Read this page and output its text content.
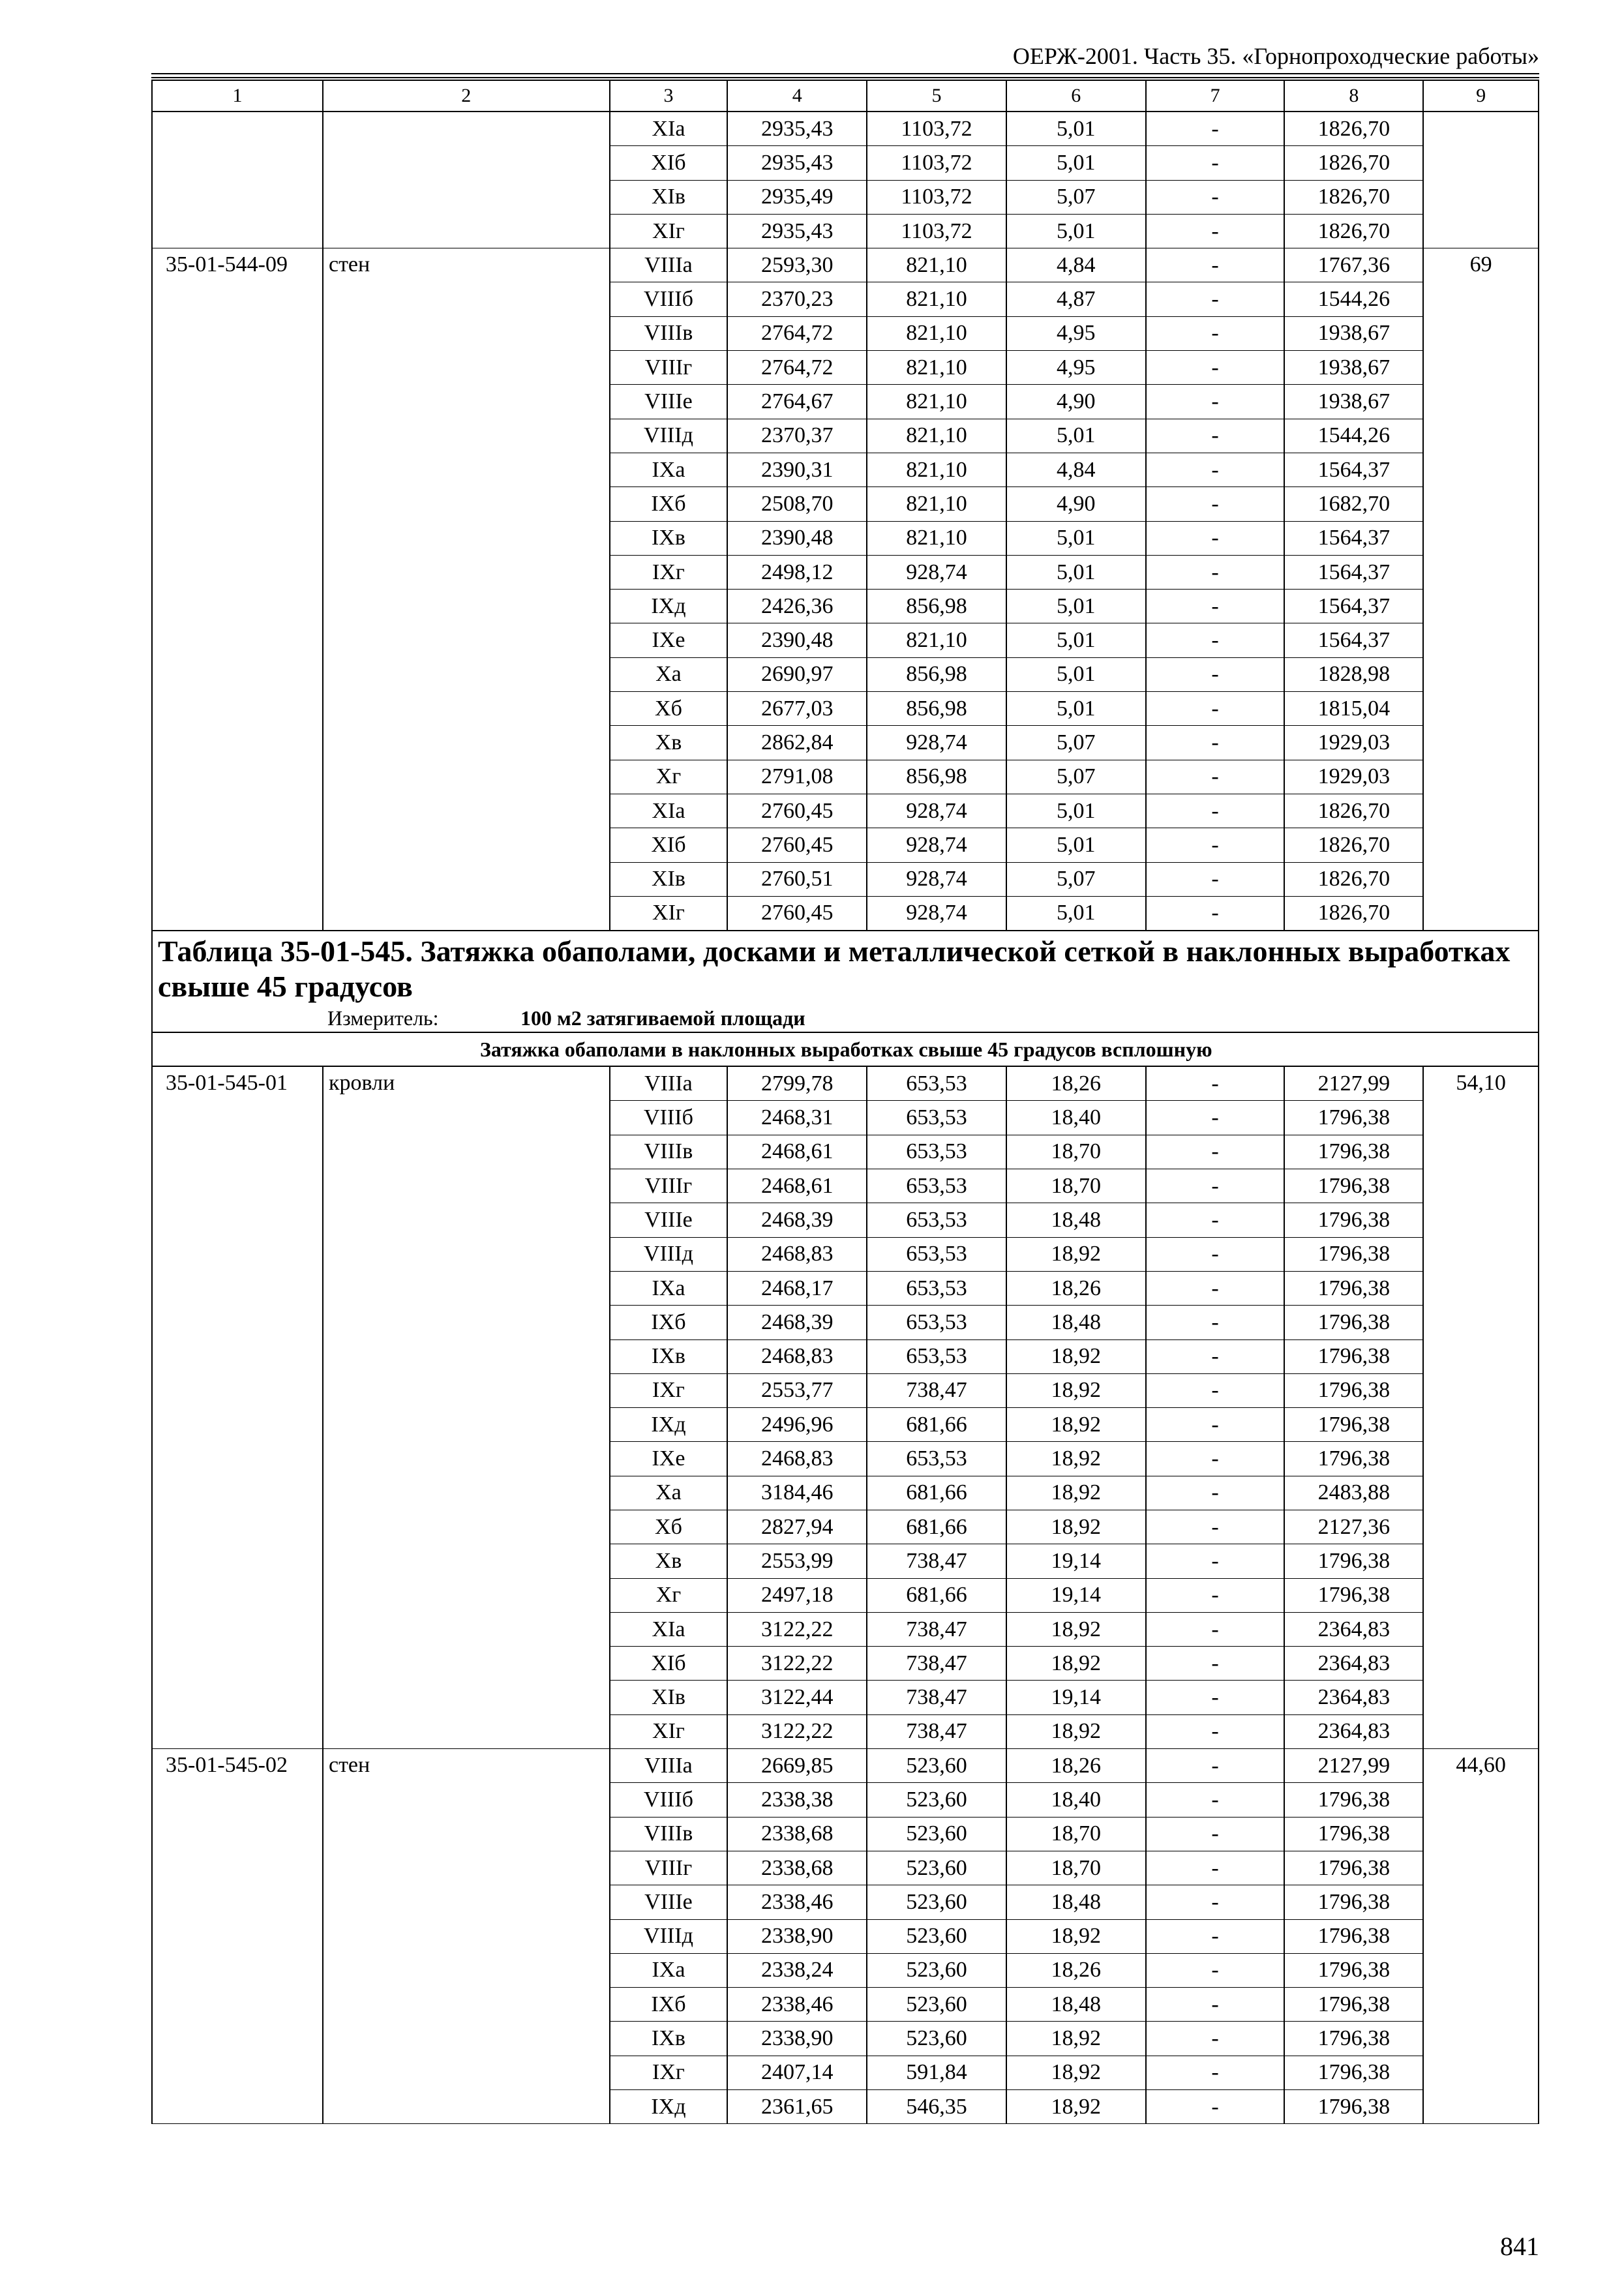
ОЕРЖ-2001. Часть 35. «Горнопроходческие работы»
1	2	3	4	5	6	7	8	9
		XIа	2935,43	1103,72	5,01	-	1826,70	
		XIб	2935,43	1103,72	5,01	-	1826,70	
		XIв	2935,49	1103,72	5,07	-	1826,70	
		XIг	2935,43	1103,72	5,01	-	1826,70	
35-01-544-09	стен	VIIIа	2593,30	821,10	4,84	-	1767,36	69
		VIIIб	2370,23	821,10	4,87	-	1544,26	
		VIIIв	2764,72	821,10	4,95	-	1938,67	
		VIIIг	2764,72	821,10	4,95	-	1938,67	
		VIIIе	2764,67	821,10	4,90	-	1938,67	
		VIIIд	2370,37	821,10	5,01	-	1544,26	
		IXа	2390,31	821,10	4,84	-	1564,37	
		IXб	2508,70	821,10	4,90	-	1682,70	
		IXв	2390,48	821,10	5,01	-	1564,37	
		IXг	2498,12	928,74	5,01	-	1564,37	
		IXд	2426,36	856,98	5,01	-	1564,37	
		IXе	2390,48	821,10	5,01	-	1564,37	
		Xа	2690,97	856,98	5,01	-	1828,98	
		Xб	2677,03	856,98	5,01	-	1815,04	
		Xв	2862,84	928,74	5,07	-	1929,03	
		Xг	2791,08	856,98	5,07	-	1929,03	
		XIа	2760,45	928,74	5,01	-	1826,70	
		XIб	2760,45	928,74	5,01	-	1826,70	
		XIв	2760,51	928,74	5,07	-	1826,70	
		XIг	2760,45	928,74	5,01	-	1826,70	
Таблица 35-01-545. Затяжка обаполами, досками и металлической сеткой в наклонных выработках свыше 45 градусов
Измеритель: 100 м2 затягиваемой площади								

Затяжка обаполами в наклонных выработках свыше 45 градусов всплошную								
35-01-545-01	кровли	VIIIа	2799,78	653,53	18,26	-	2127,99	54,10
		VIIIб	2468,31	653,53	18,40	-	1796,38	
		VIIIв	2468,61	653,53	18,70	-	1796,38	
		VIIIг	2468,61	653,53	18,70	-	1796,38	
		VIIIе	2468,39	653,53	18,48	-	1796,38	
		VIIIд	2468,83	653,53	18,92	-	1796,38	
		IXа	2468,17	653,53	18,26	-	1796,38	
		IXб	2468,39	653,53	18,48	-	1796,38	
		IXв	2468,83	653,53	18,92	-	1796,38	
		IXг	2553,77	738,47	18,92	-	1796,38	
		IXд	2496,96	681,66	18,92	-	1796,38	
		IXе	2468,83	653,53	18,92	-	1796,38	
		Xа	3184,46	681,66	18,92	-	2483,88	
		Xб	2827,94	681,66	18,92	-	2127,36	
		Xв	2553,99	738,47	19,14	-	1796,38	
		Xг	2497,18	681,66	19,14	-	1796,38	
		XIа	3122,22	738,47	18,92	-	2364,83	
		XIб	3122,22	738,47	18,92	-	2364,83	
		XIв	3122,44	738,47	19,14	-	2364,83	
		XIг	3122,22	738,47	18,92	-	2364,83	
35-01-545-02	стен	VIIIа	2669,85	523,60	18,26	-	2127,99	44,60
		VIIIб	2338,38	523,60	18,40	-	1796,38	
		VIIIв	2338,68	523,60	18,70	-	1796,38	
		VIIIг	2338,68	523,60	18,70	-	1796,38	
		VIIIе	2338,46	523,60	18,48	-	1796,38	
		VIIIд	2338,90	523,60	18,92	-	1796,38	
		IXа	2338,24	523,60	18,26	-	1796,38	
		IXб	2338,46	523,60	18,48	-	1796,38	
		IXв	2338,90	523,60	18,92	-	1796,38	
		IXг	2407,14	591,84	18,92	-	1796,38	
		IXд	2361,65	546,35	18,92	-	1796,38	
841
